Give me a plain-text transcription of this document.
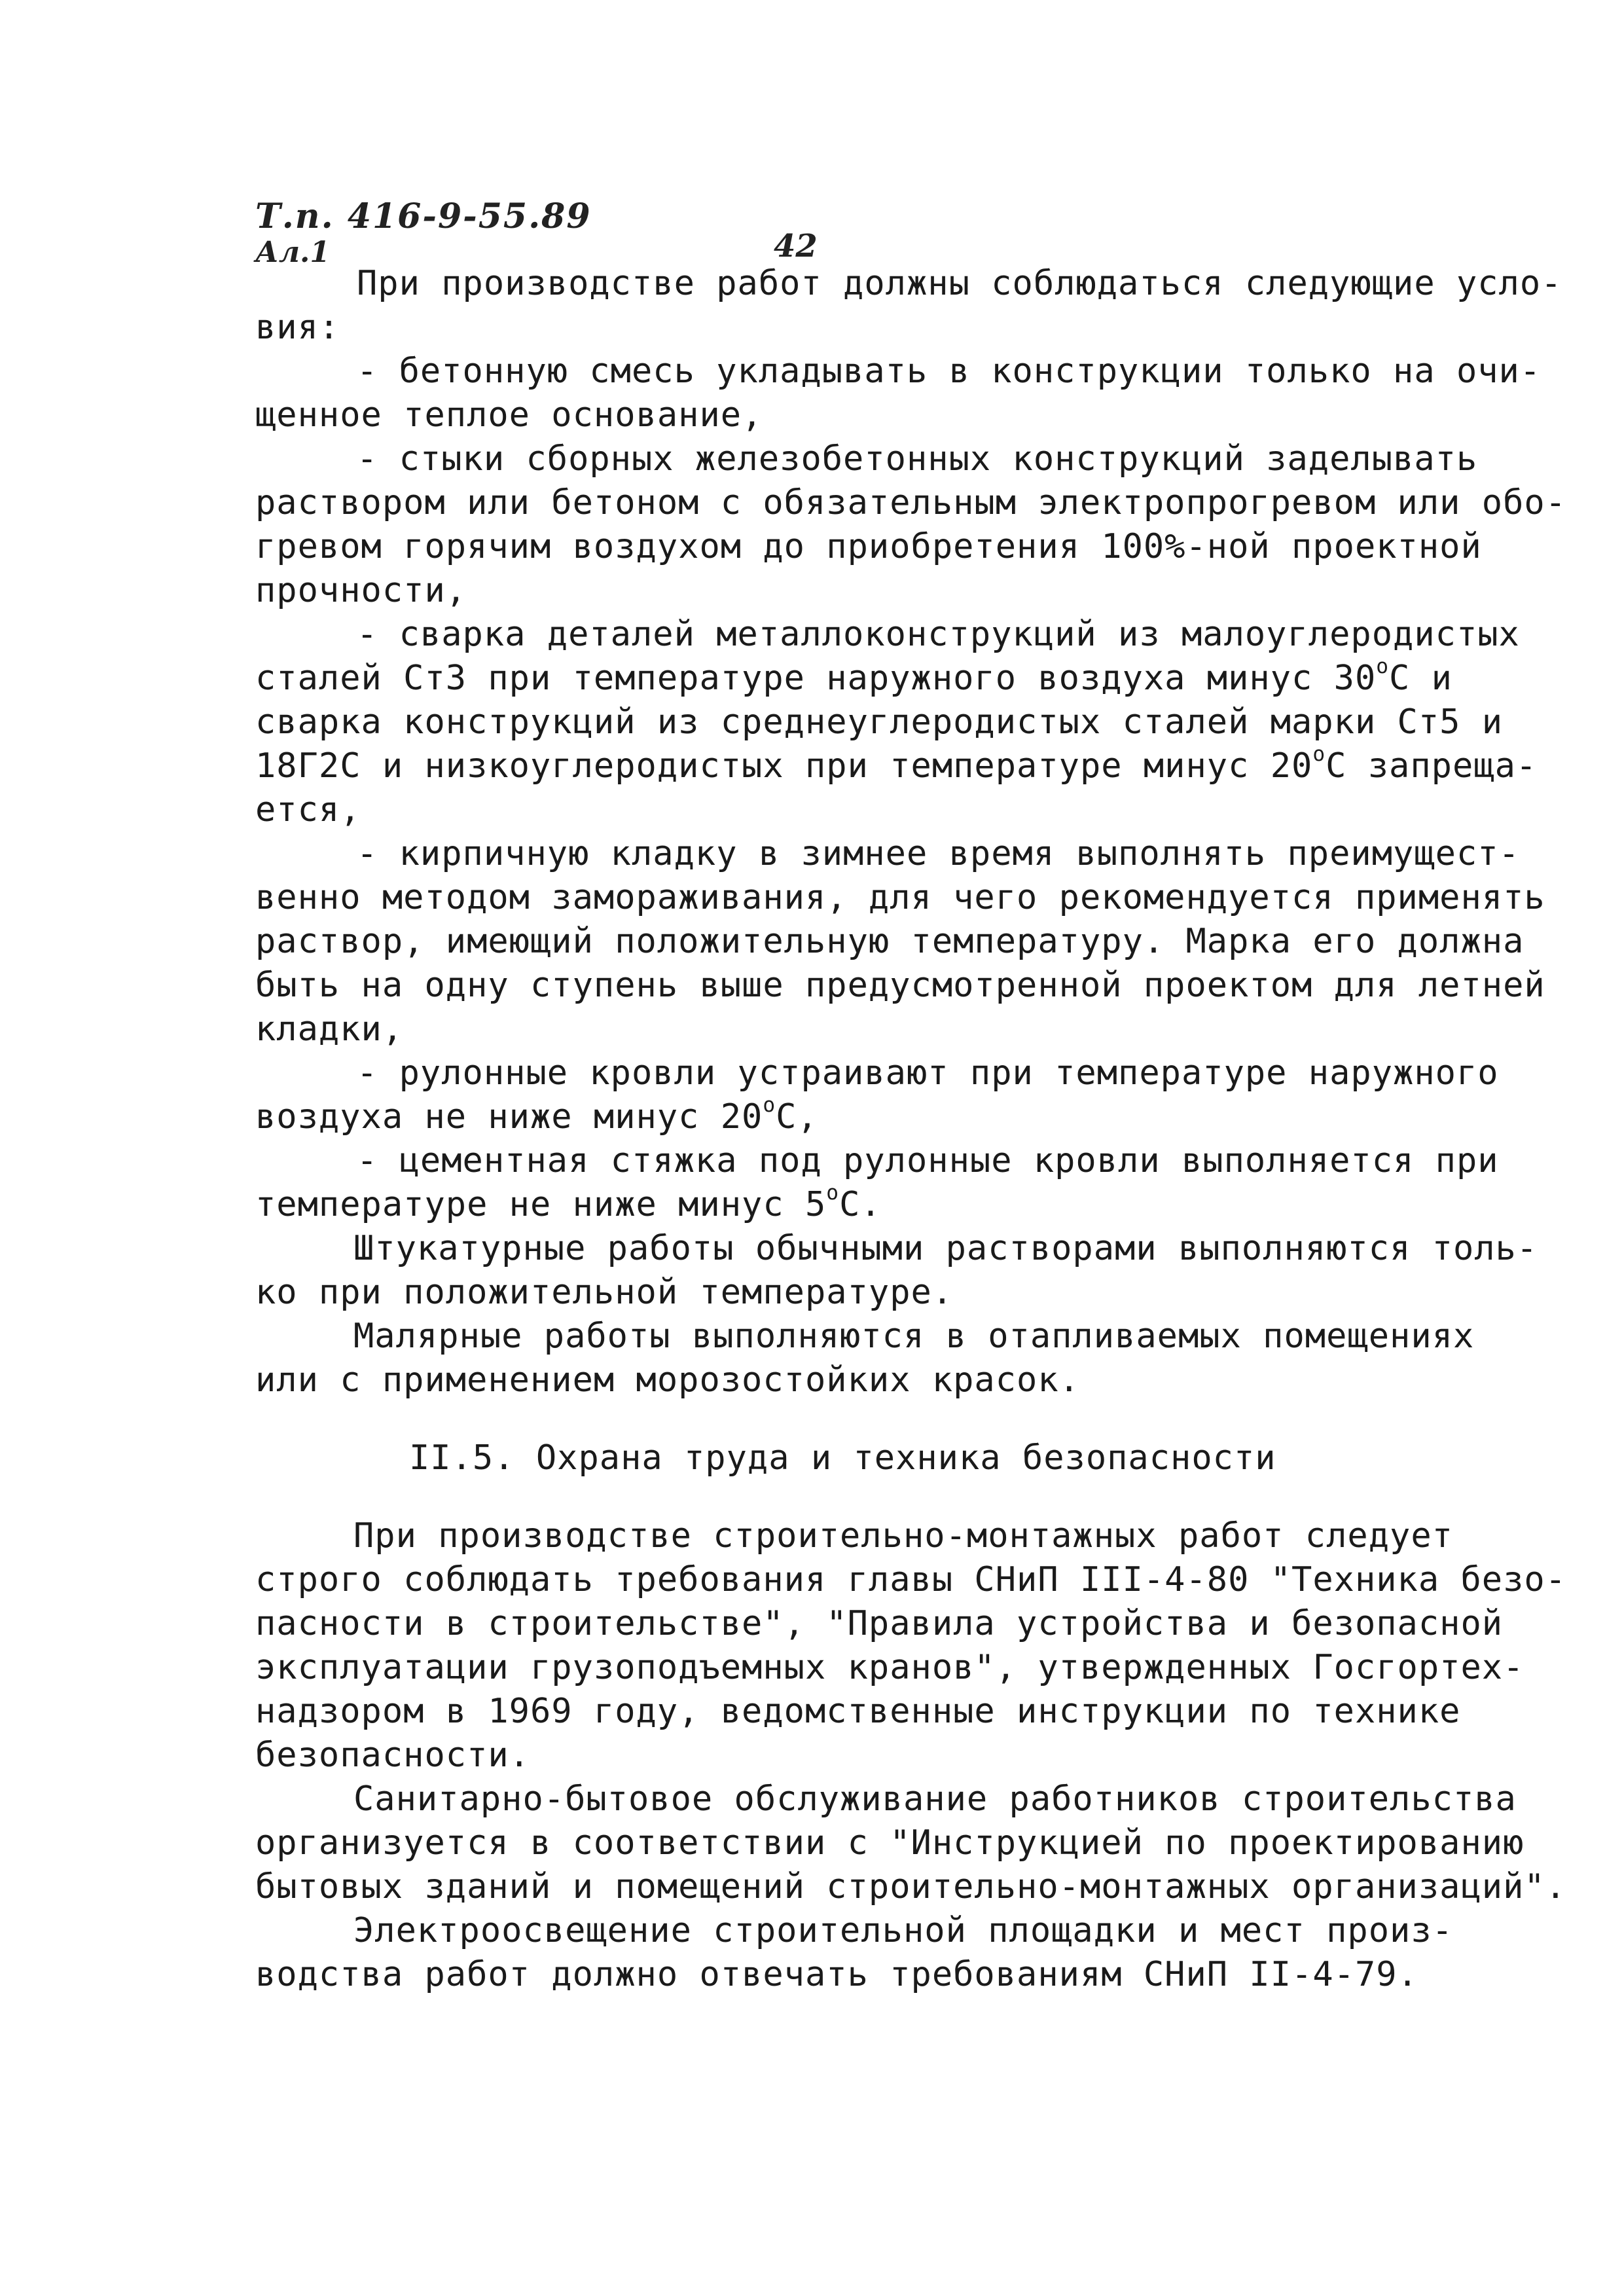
Т.п. 416-9-55.89
Ал.1	42
При производстве работ должны соблюдаться следующие усло-
вия:
- бетонную смесь укладывать в конструкции только на очи-
щенное теплое основание,
- стыки сборных железобетонных конструкций заделывать
раствором или бетоном с обязательным электропрогревом или обо-
гревом горячим воздухом до приобретения 100%-ной проектной
прочности,
- сварка деталей металлоконструкций из малоуглеродистых
сталей Ст3 при температуре наружного воздуха минус $30^оС$ и
сварка конструкций из среднеуглеродистых сталей марки Ст5 и
18Г2С и низкоуглеродистых при температуре минус $20^оС$ запреща-
ется,
- кирпичную кладку в зимнее время выполнять преимущест-
венно методом замораживания, для чего рекомендуется применять
раствор, имеющий положительную температуру. Марка его должна
быть на одну ступень выше предусмотренной проектом для летней
кладки,
- рулонные кровли устраивают при температуре наружного
воздуха не ниже минус $20^оС$,
- цементная стяжка под рулонные кровли выполняется при
температуре не ниже минус $5^оС$.
Штукатурные работы обычными растворами выполняются толь-
ко при положительной температуре.
Малярные работы выполняются в отапливаемых помещениях
или с применением морозостойких красок.
II.5. Охрана труда и техника безопасности
При производстве строительно-монтажных работ следует
строго соблюдать требования главы СНиП III-4-80 "Техника безо-
пасности в строительстве", "Правила устройства и безопасной
эксплуатации грузоподъемных кранов", утвержденных Госгортех-
надзором в 1969 году, ведомственные инструкции по технике
безопасности.
Санитарно-бытовое обслуживание работников строительства
организуется в соответствии с "Инструкцией по проектированию
бытовых зданий и помещений строительно-монтажных организаций".
Электроосвещение строительной площадки и мест произ-
водства работ должно отвечать требованиям СНиП II-4-79.
